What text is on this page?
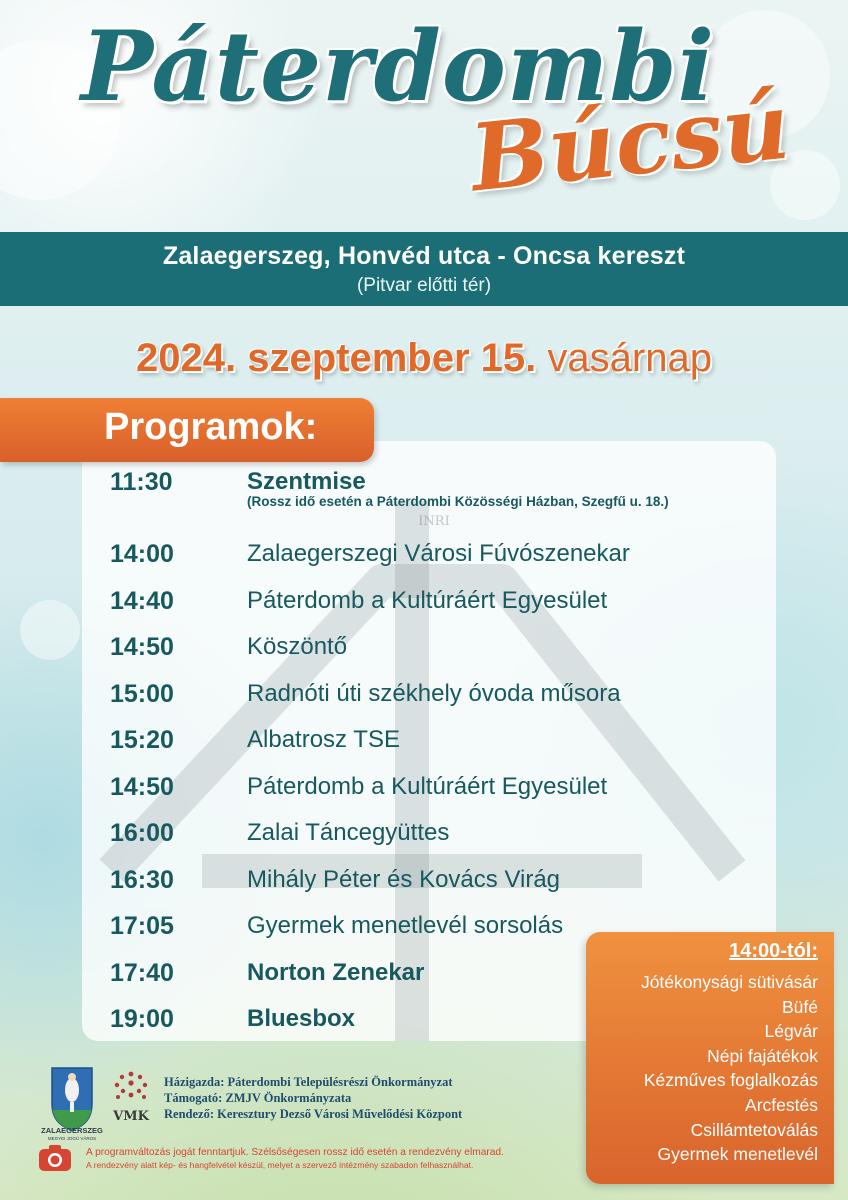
Páterdombi
Búcsú
Zalaegerszeg, Honvéd utca - Oncsa kereszt
(Pitvar előtti tér)
2024. szeptember 15. vasárnap
INRI
Programok:
11:30	Szentmise
(Rossz idő esetén a Páterdombi Közösségi Házban, Szegfű u. 18.)
14:00	Zalaegerszegi Városi Fúvószenekar
14:40	Páterdomb a Kultúráért Egyesület
14:50	Köszöntő
15:00	Radnóti úti székhely óvoda műsora
15:20	Albatrosz TSE
14:50	Páterdomb a Kultúráért Egyesület
16:00	Zalai Táncegyüttes
16:30	Mihály Péter és Kovács Virág
17:05	Gyermek menetlevél sorsolás
17:40	Norton Zenekar
19:00	Bluesbox
14:00-tól:
Jótékonysági sütivásár
Büfé
Légvár
Népi fajátékok
Kézműves foglalkozás
Arcfestés
Csillámtetoválás
Gyermek menetlevél
ZALAEGERSZEG
MEGYEI JOGÚ VÁROS
VMK
Házigazda: Páterdombi Településrészi Önkormányzat
Támogató: ZMJV Önkormányzata
Rendező: Keresztury Dezső Városi Művelődési Központ
A programváltozás jogát fenntartjuk. Szélsőségesen rossz idő esetén a rendezvény elmarad.
A rendezvény alatt kép- és hangfelvétel készül, melyet a szervező intézmény szabadon felhasználhat.
